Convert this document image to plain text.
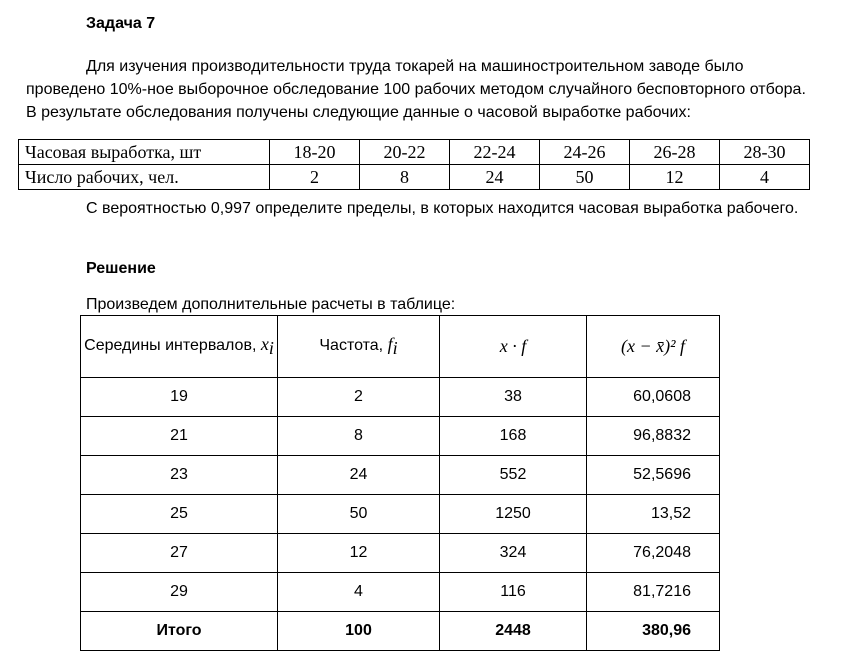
Задача 7
Для изучения производительности труда токарей на машиностроительном заводе было проведено 10%-ное выборочное обследование 100 рабочих методом случайного бесповторного отбора. В результате обследования получены следующие данные о часовой выработке рабочих:
Часовая выработка, шт	18-20	20-22	22-24	24-26	26-28	28-30
Число рабочих, чел.	2	8	24	50	12	4
С вероятностью 0,997 определите пределы, в которых находится часовая выработка рабочего.
Решение
Произведем дополнительные расчеты в таблице:
Середины интервалов, $x_i$	Частота, $f_i$	x · f	(x − x̄)² f
19	2	38	60,0608
21	8	168	96,8832
23	24	552	52,5696
25	50	1250	13,52
27	12	324	76,2048
29	4	116	81,7216
Итого	100	2448	380,96
